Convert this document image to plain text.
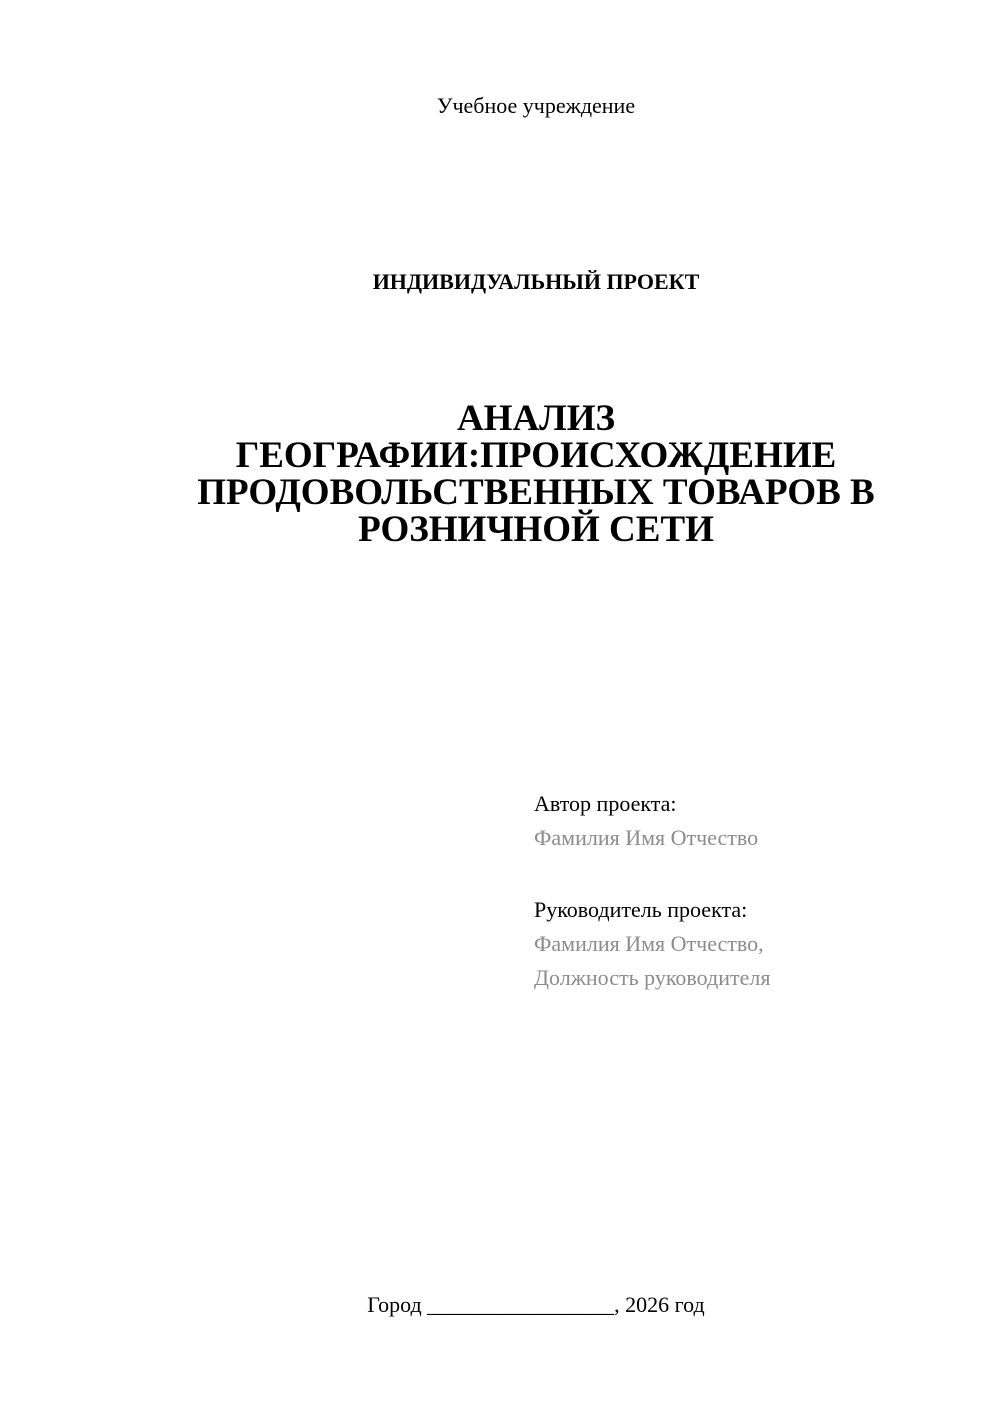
Учебное учреждение
ИНДИВИДУАЛЬНЫЙ ПРОЕКТ
АНАЛИЗ
ГЕОГРАФИИ:ПРОИСХОЖДЕНИЕ
ПРОДОВОЛЬСТВЕННЫХ ТОВАРОВ В
РОЗНИЧНОЙ СЕТИ
Автор проекта:
Фамилия Имя Отчество
Руководитель проекта:
Фамилия Имя Отчество,
Должность руководителя
Город _________________, 2026 год
